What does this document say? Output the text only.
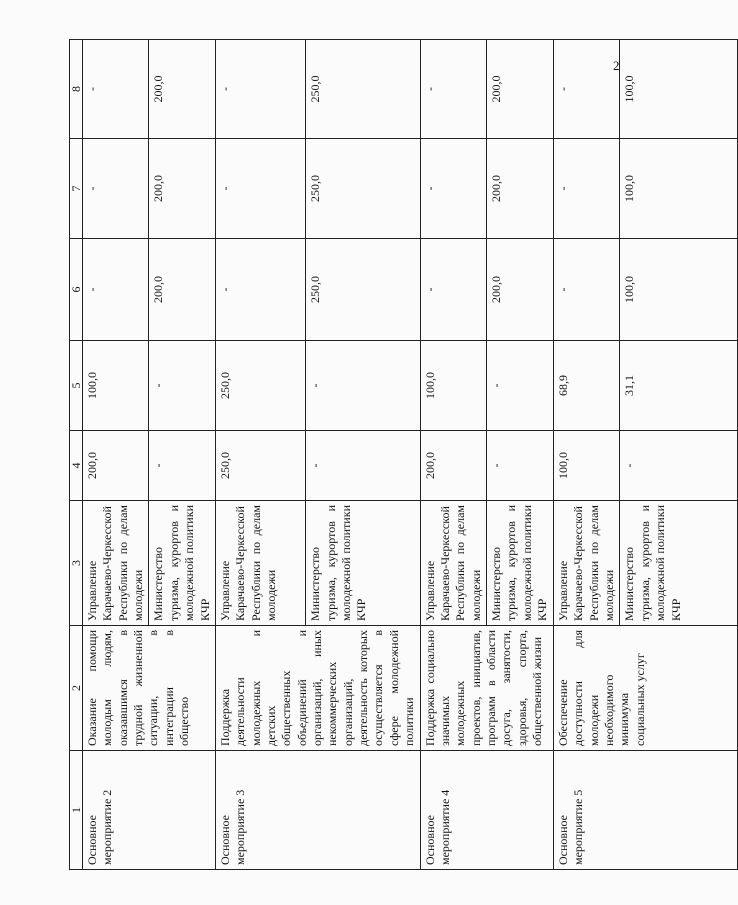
2
1	2	3	4	5	6	7	8
Основное мероприятие 2	Оказание помощи молодым людям, оказавшимся в трудной жизненной ситуации, в интеграции в общество	Управление Карачаево-Черкесской Республики по делам молодежи	200,0	100,0	-	-	-
		Министерство туризма, курортов и молодежной политики КЧР	-	-	200,0	200,0	200,0
Основное мероприятие 3	Поддержка деятельности молодежных и детских общественных объединений и организаций, иных некоммерческих организаций, деятельность которых осуществляется в сфере молодежной политики	Управление Карачаево-Черкесской Республики по делам молодежи	250,0	250,0	-	-	-
		Министерство туризма, курортов и молодежной политики КЧР	-	-	250,0	250,0	250,0
Основное мероприятие 4	Поддержка социально значимых молодежных проектов, инициатив, программ в области досуга, занятости, здоровья, спорта, общественной жизни	Управление Карачаево-Черкесской Республики по делам молодежи	200,0	100,0	-	-	-
		Министерство туризма, курортов и молодежной политики КЧР	-	-	200,0	200,0	200,0
Основное мероприятие 5	Обеспечение доступности для молодежи необходимого минимума социальных услуг	Управление Карачаево-Черкесской Республики по делам молодежи	100,0	68,9	-	-	-
		Министерство туризма, курортов и молодежной политики КЧР	-	31,1	100,0	100,0	100,0
